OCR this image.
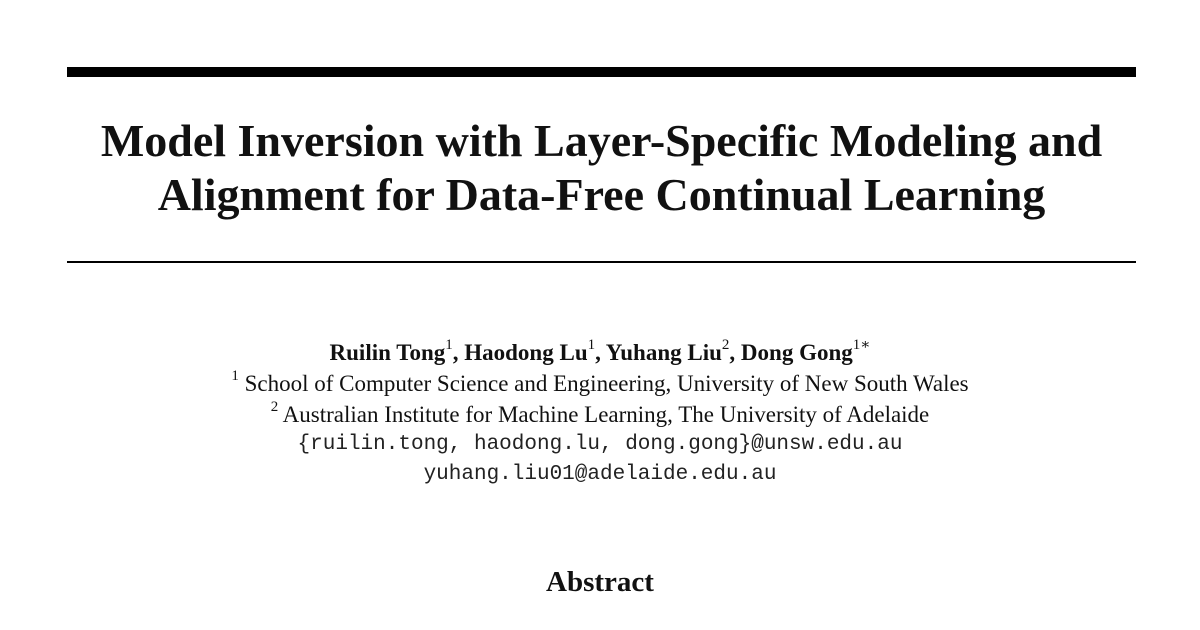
Model Inversion with Layer-Specific Modeling and
Alignment for Data-Free Continual Learning
Ruilin Tong$^1$, Haodong Lu$^1$, Yuhang Liu$^2$, Dong Gong$^{1∗}$
$^1$ School of Computer Science and Engineering, University of New South Wales
$^2$ Australian Institute for Machine Learning, The University of Adelaide
{ruilin.tong, haodong.lu, dong.gong}@unsw.edu.au
yuhang.liu01@adelaide.edu.au
Abstract
